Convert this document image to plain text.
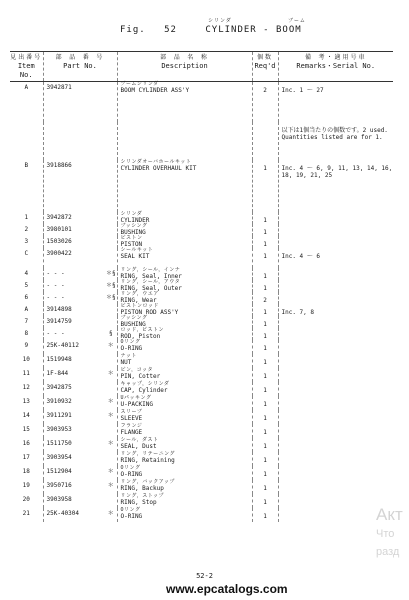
シリンダ	ブーム
Fig. 52	CYLINDER - BOOM
見出番号
Item No.	部 品 番 号
Part No.		部 品 名 称
Description	個数
Req'd	備 考・適用号車
Remarks・Serial No.
A	3942871		ブームシリンダ
BOOM CYLINDER ASS'Y	2	Inc. 1 ～ 27

		以下は1個当たりの個数です。2 used. Quantities listed are for 1.
B	3918866		シリンダオーバホールキット
CYLINDER OVERHAUL KIT	1	Inc. 4 ～ 6, 9, 11, 13, 14, 16, 18, 19, 21, 25
1	3942872		シリンダ
CYLINDER	1	
2	3980101		ブッシング
BUSHING	1	
3	1503026		ピストン
PISTON	1	
C	3900422		シールキット
SEAL KIT	1	Inc. 4 ～ 6
4	- - -	＊§	リング，シール，インナ
RING, Seal, Inner	1	
5	- - -	＊§	リング，シール，アウタ
RING, Seal, Outer	1	
6	- - -	＊§	リング，ウエア
RING, Wear	2	
A	3914898		ピストンロッド
PISTON ROD ASS'Y	1	Inc. 7, 8
7	3914759		ブッシング
BUSHING	1	
8	- - -	§	ロッド，ピストン
ROD, Piston	1	
9	25K-40112	＊	Oリング
O-RING	1	
10	1519948		ナット
NUT	1	
11	1F-844	＊	ピン，コッタ
PIN, Cotter	1	
12	3942875		キャップ，シリンダ
CAP, Cylinder	1	
13	3910932	＊	Uパッキング
U-PACKING	1	
14	3911291	＊	スリーブ
SLEEVE	1	
15	3903953		フランジ
FLANGE	1	
16	1511750	＊	シール，ダスト
SEAL, Dust	1	
17	3903954		リング，リテーニング
RING, Retaining	1	
18	1512904	＊	Oリング
O-RING	1	
19	3950716	＊	リング，バックアップ
RING, Backup	1	
20	3903958		リング，ストップ
RING, Stop	1	
21	25K-40304	＊	Oリング
O-RING	1	
52-2
www.epcatalogs.com
Акт
Что
разд
